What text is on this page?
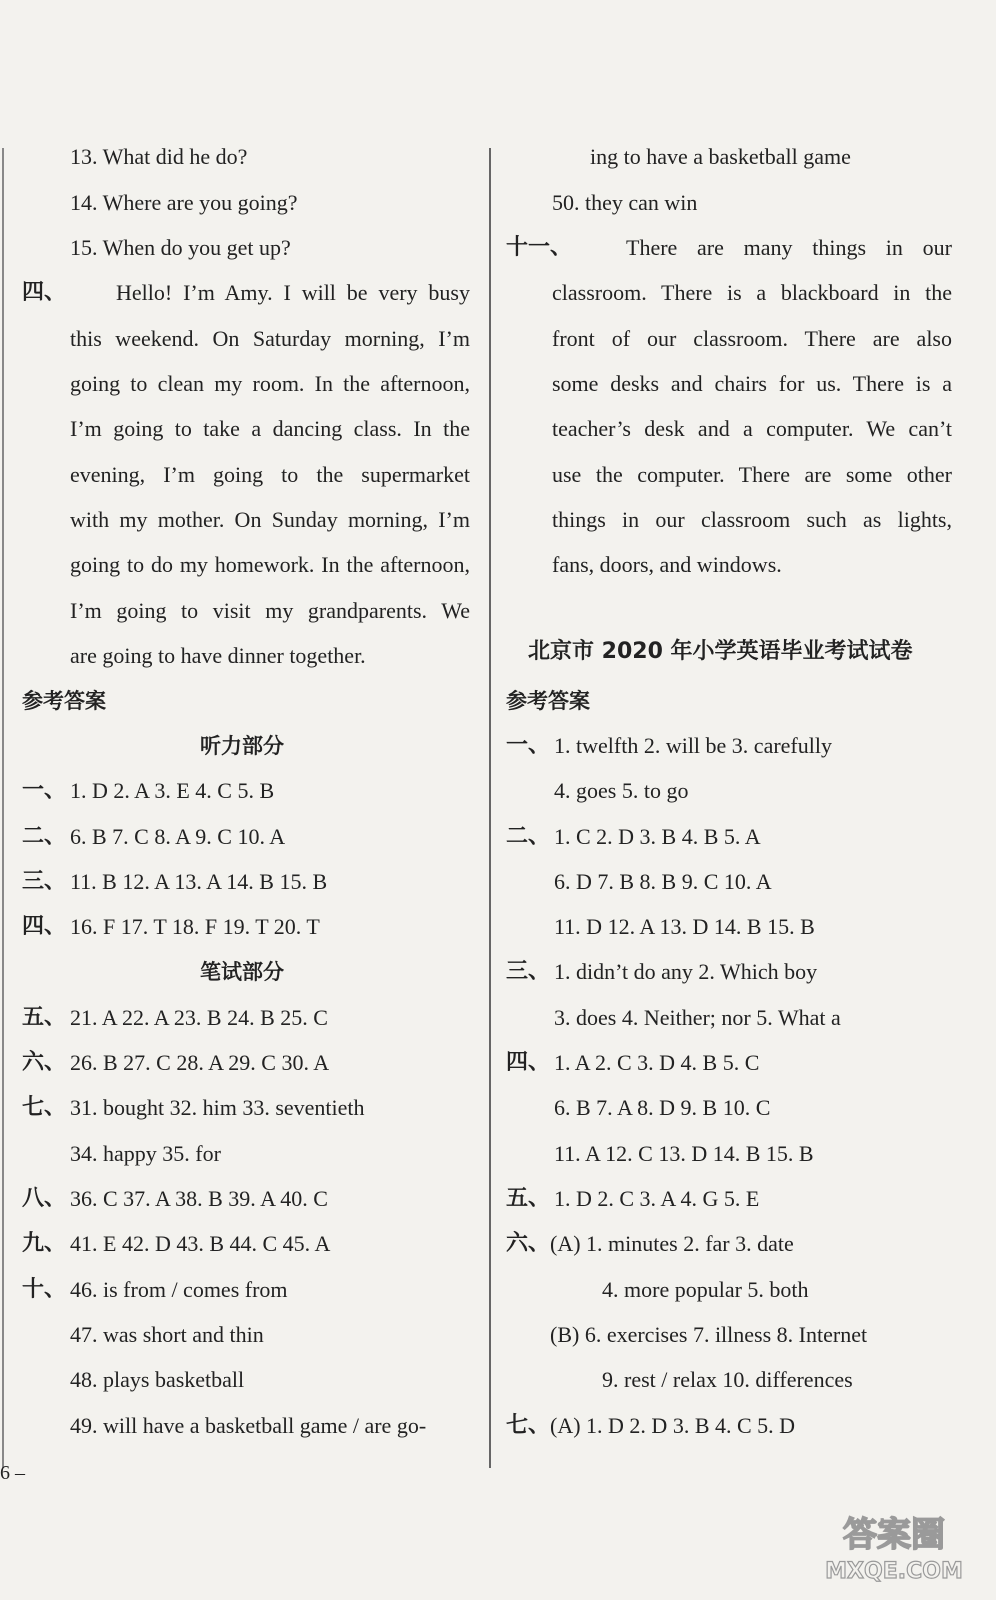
13. What did he do?
14. Where are you going?
15. When do you get up?
四、 Hello! I’m Amy. I will be very busy
this weekend. On Saturday morning, I’m
going to clean my room. In the afternoon,
I’m going to take a dancing class. In the
evening, I’m going to the supermarket
with my mother. On Sunday morning, I’m
going to do my homework. In the afternoon,
I’m going to visit my grandparents. We
are going to have dinner together.
参考答案
听力部分
一、 1. D 2. A 3. E 4. C 5. B
二、 6. B 7. C 8. A 9. C 10. A
三、 11. B 12. A 13. A 14. B 15. B
四、 16. F 17. T 18. F 19. T 20. T
笔试部分
五、 21. A 22. A 23. B 24. B 25. C
六、 26. B 27. C 28. A 29. C 30. A
七、 31. bought 32. him 33. seventieth
34. happy 35. for
八、 36. C 37. A 38. B 39. A 40. C
九、 41. E 42. D 43. B 44. C 45. A
十、 46. is from / comes from
47. was short and thin
48. plays basketball
49. will have a basketball game / are go-
ing to have a basketball game
50. they can win
十一、 There are many things in our
classroom. There is a blackboard in the
front of our classroom. There are also
some desks and chairs for us. There is a
teacher’s desk and a computer. We can’t
use the computer. There are some other
things in our classroom such as lights,
fans, doors, and windows.
北京市 2020 年小学英语毕业考试试卷
参考答案
一、 1. twelfth 2. will be 3. carefully
4. goes 5. to go
二、 1. C 2. D 3. B 4. B 5. A
6. D 7. B 8. B 9. C 10. A
11. D 12. A 13. D 14. B 15. B
三、 1. didn’t do any 2. Which boy
3. does 4. Neither; nor 5. What a
四、 1. A 2. C 3. D 4. B 5. C
6. B 7. A 8. D 9. B 10. C
11. A 12. C 13. D 14. B 15. B
五、 1. D 2. C 3. A 4. G 5. E
六、 (A) 1. minutes 2. far 3. date
4. more popular 5. both
(B) 6. exercises 7. illness 8. Internet
9. rest / relax 10. differences
七、 (A) 1. D 2. D 3. B 4. C 5. D
6 –
答案圈
MXQE.COM
